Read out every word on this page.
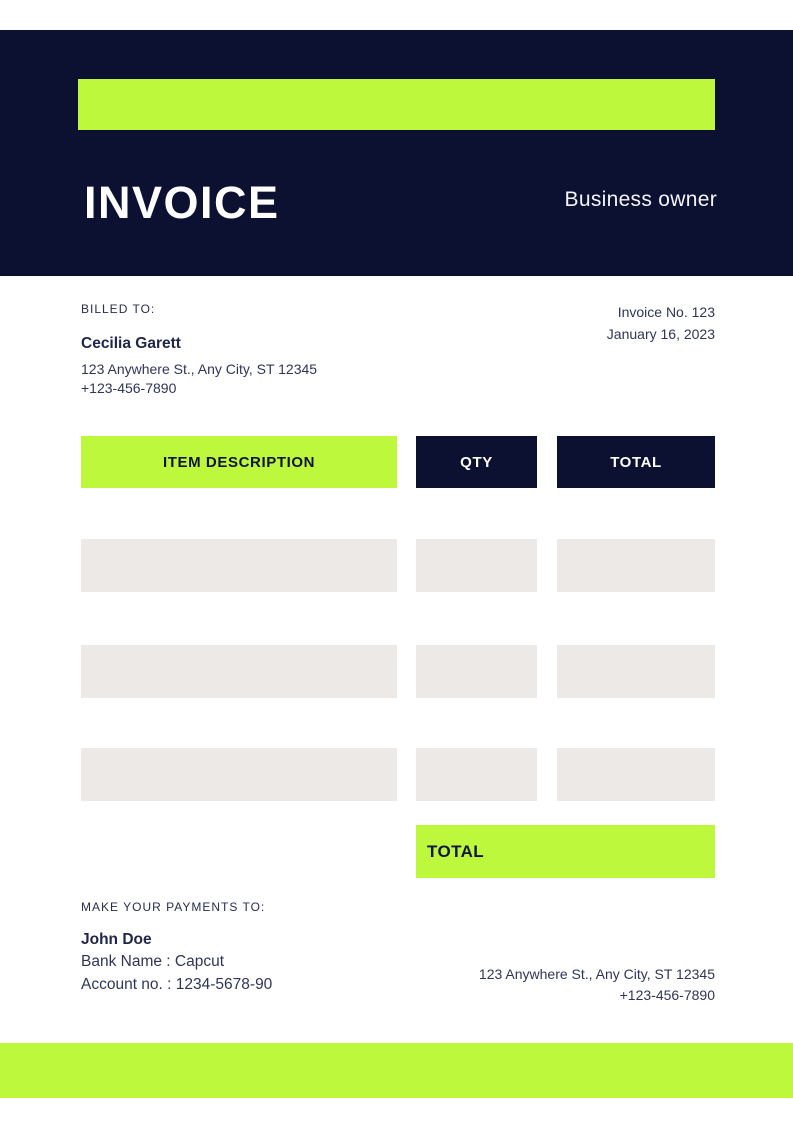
INVOICE	Business owner
BILLED TO:
Cecilia Garett
123 Anywhere St., Any City, ST 12345
+123-456-7890
Invoice No. 123
January 16, 2023
ITEM DESCRIPTION	QTY	TOTAL
TOTAL
MAKE YOUR PAYMENTS TO:
John Doe
Bank Name : Capcut
Account no. : 1234-5678-90
123 Anywhere St., Any City, ST 12345
+123-456-7890
